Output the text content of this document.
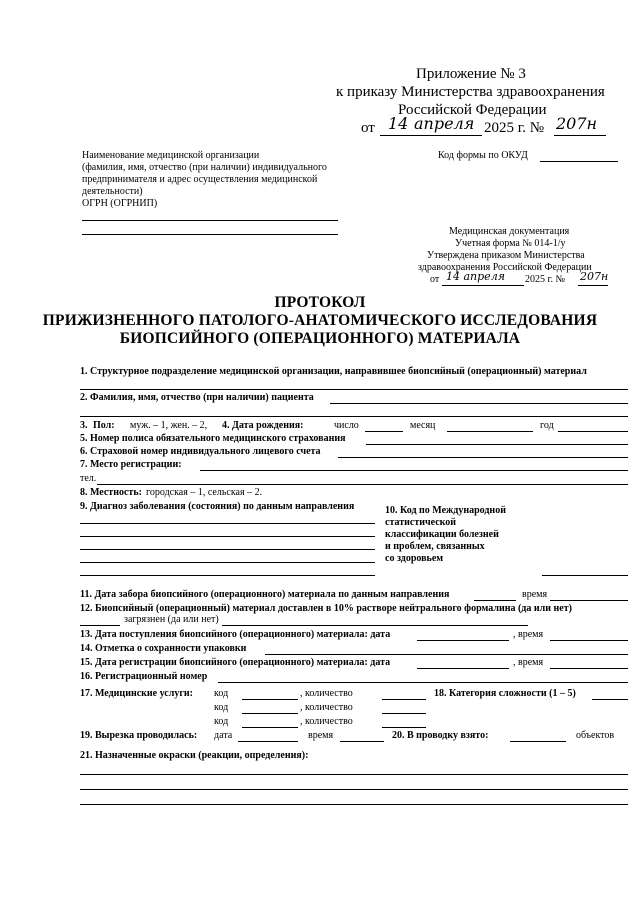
Приложение № 3
к приказу Министерства здравоохранения
Российской Федерации
от 14 апреля 2025 г. № 207н
Наименование медицинской организации
(фамилия, имя, отчество (при наличии) индивидуального
предпринимателя и адрес осуществления медицинской
деятельности)
ОГРН (ОГРНИП)
Код формы по ОКУД
Медицинская документация
Учетная форма № 014-1/у
Утверждена приказом Министерства
здравоохранения Российской Федерации
от 14 апреля 2025 г. № 207н
ПРОТОКОЛ
ПРИЖИЗНЕННОГО ПАТОЛОГО-АНАТОМИЧЕСКОГО ИССЛЕДОВАНИЯ
БИОПСИЙНОГО (ОПЕРАЦИОННОГО) МАТЕРИАЛА
1. Структурное подразделение медицинской организации, направившее биопсийный (операционный) материал
2. Фамилия, имя, отчество (при наличии) пациента
3. Пол: муж. – 1, жен. – 2, 4. Дата рождения:	число	месяц	год
5. Номер полиса обязательного медицинского страхования
6. Страховой номер индивидуального лицевого счета
7. Место регистрации:
тел.
8. Местность: городская – 1, сельская – 2.
9. Диагноз заболевания (состояния) по данным направления	10. Код по Международной
статистической
классификации болезней
и проблем, связанных
со здоровьем
11. Дата забора биопсийного (операционного) материала по данным направления	время
12. Биопсийный (операционный) материал доставлен в 10% растворе нейтрального формалина (да или нет)
загрязнен (да или нет)
13. Дата поступления биопсийного (операционного) материала: дата	, время
14. Отметка о сохранности упаковки
15. Дата регистрации биопсийного (операционного) материала: дата	, время
16. Регистрационный номер
17. Медицинские услуги: код	, количество
код	, количество
код	, количество
18. Категория сложности (1 – 5)
19. Вырезка проводилась: дата	время	20. В проводку взято:	объектов
21. Назначенные окраски (реакции, определения):
